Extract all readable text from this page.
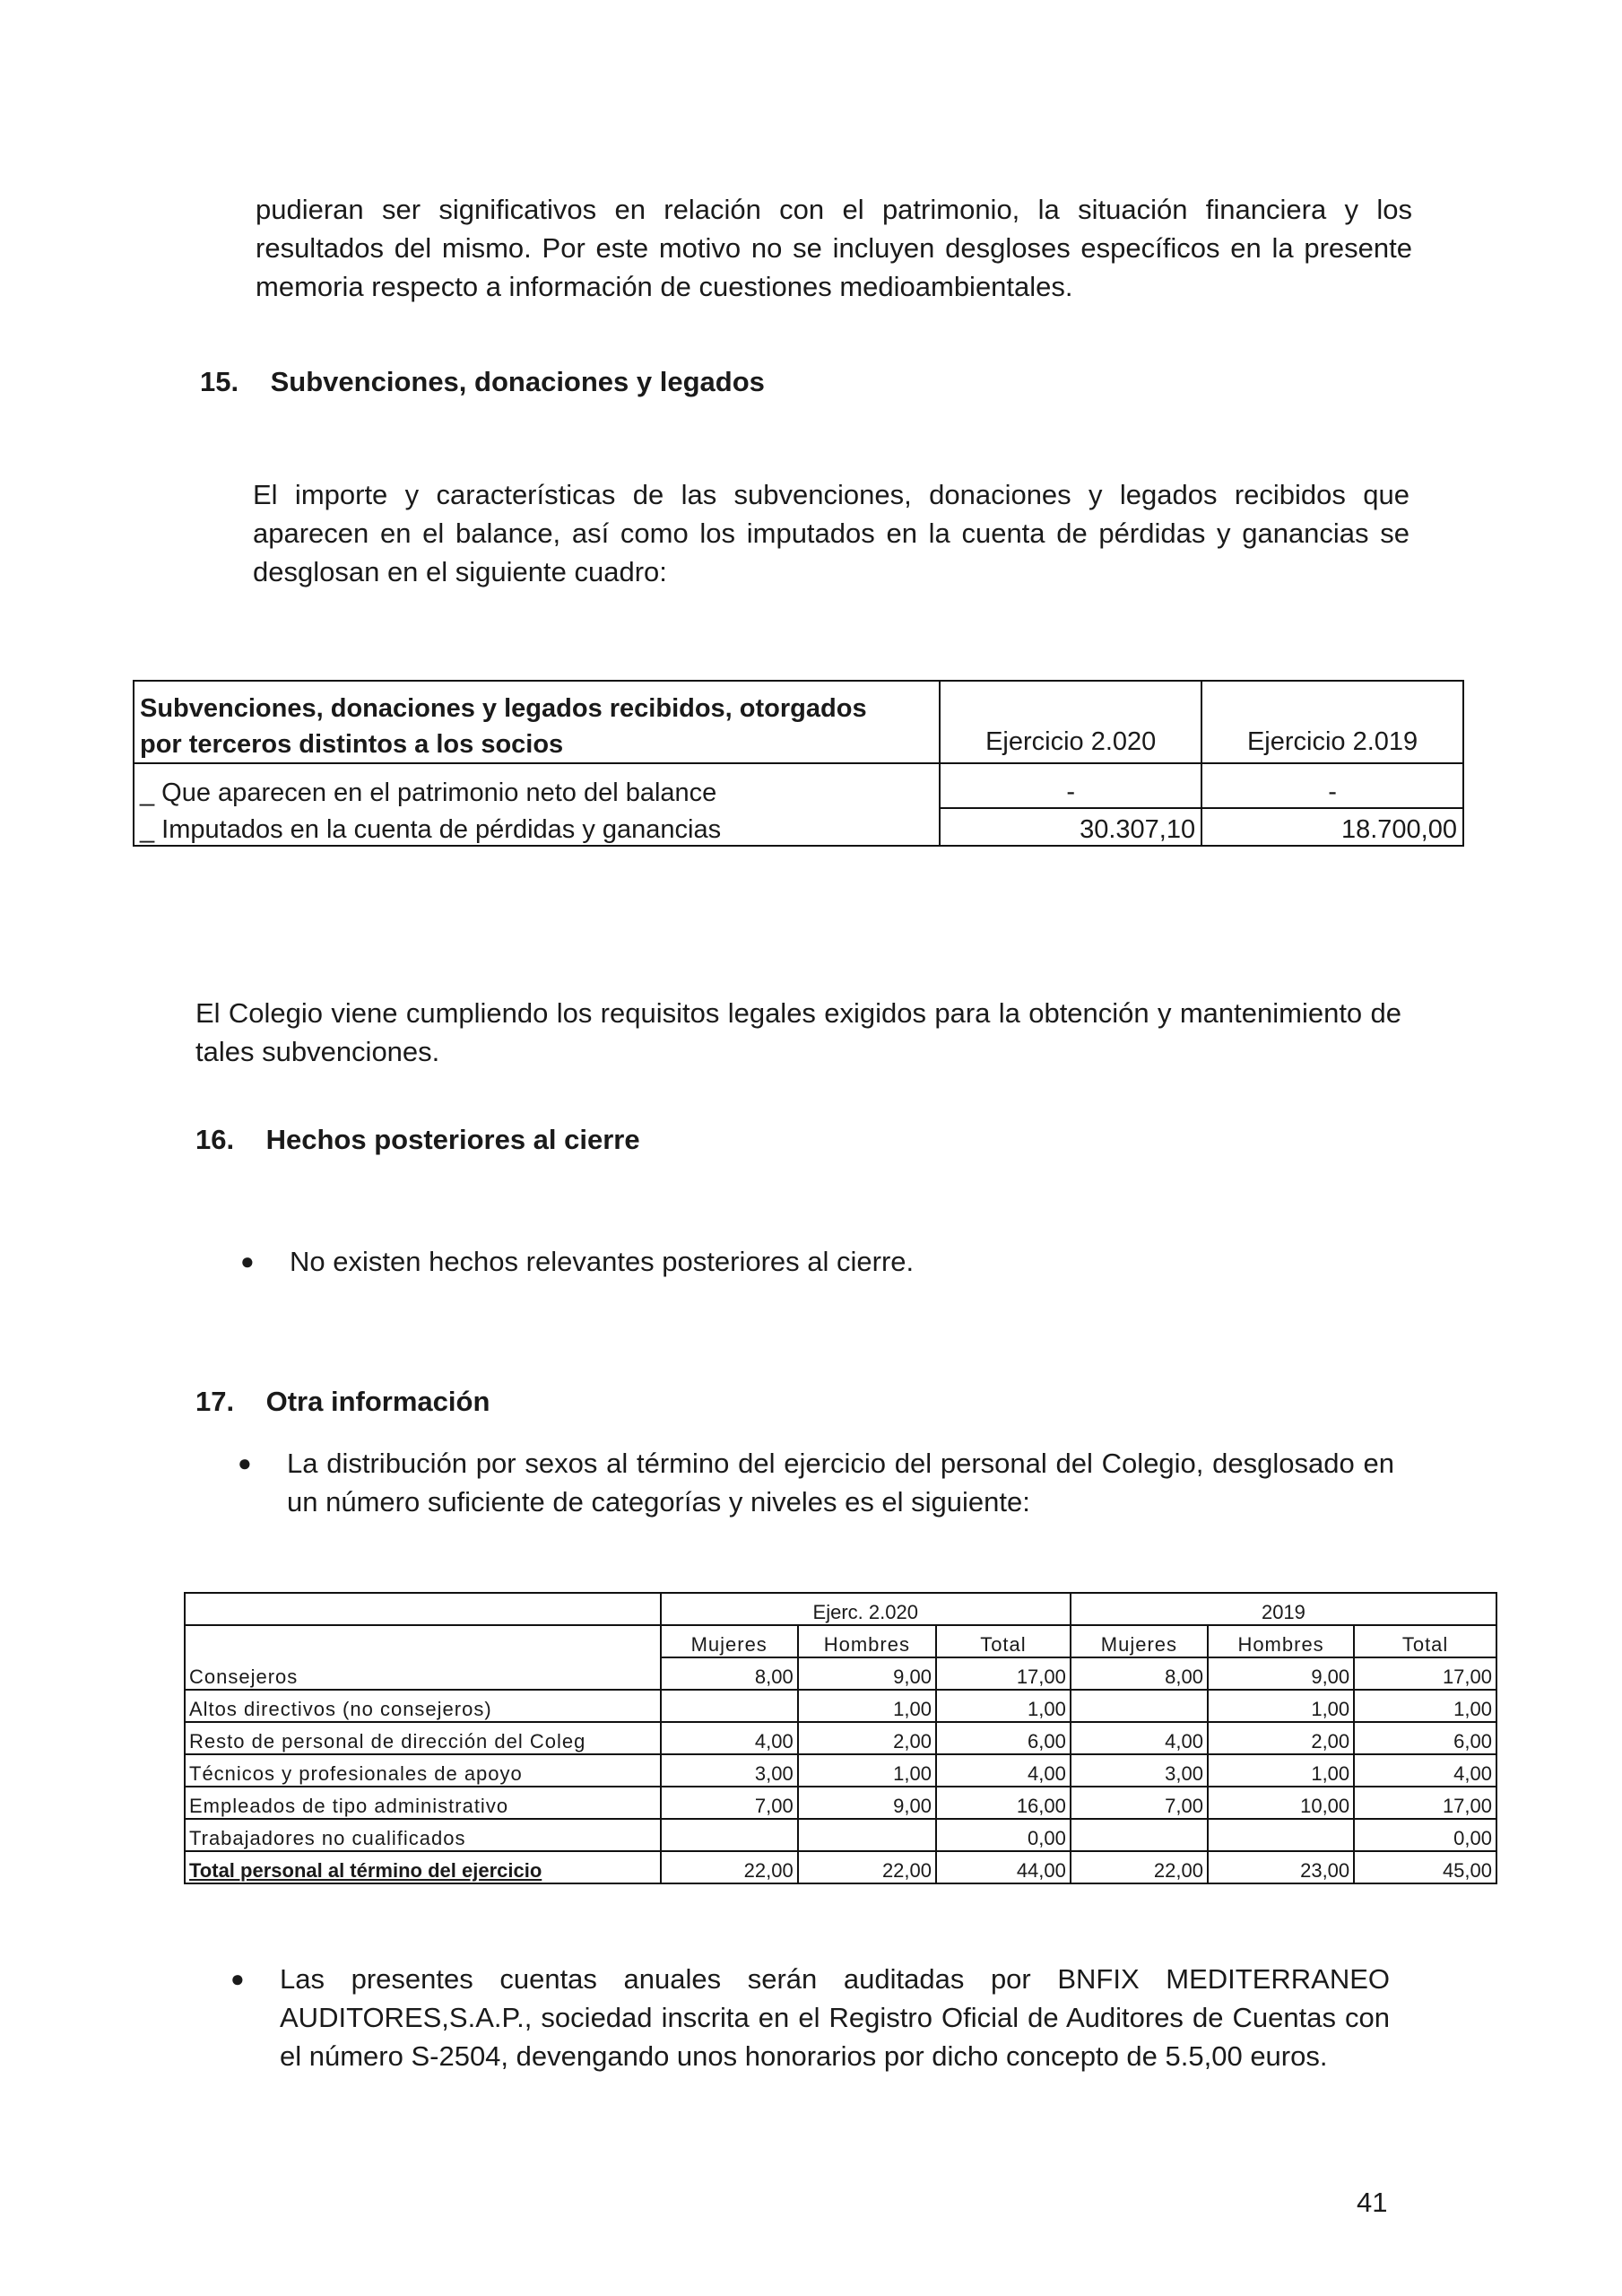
pudieran ser significativos en relación con el patrimonio, la situación financiera y los resultados del mismo. Por este motivo no se incluyen desgloses específicos en la presente memoria respecto a información de cuestiones medioambientales.

15. Subvenciones, donaciones y legados

El importe y características de las subvenciones, donaciones y legados recibidos que aparecen en el balance, así como los imputados en la cuenta de pérdidas y ganancias se desglosan en el siguiente cuadro:

Subvenciones, donaciones y legados recibidos, otorgados
por terceros distintos a los socios	Ejercicio 2.020	Ejercicio 2.019
_ Que aparecen en el patrimonio neto del balance	-	-
_ Imputados en la cuenta de pérdidas y ganancias	30.307,10	18.700,00

El Colegio viene cumpliendo los requisitos legales exigidos para la obtención y mantenimiento de tales subvenciones.

16. Hechos posteriores al cierre

● No existen hechos relevantes posteriores al cierre.

17. Otra información

● La distribución por sexos al término del ejercicio del personal del Colegio, desglosado en un número suficiente de categorías y niveles es el siguiente:

	Ejerc. 2.020			2019		
	Mujeres	Hombres	Total	Mujeres	Hombres	Total
Consejeros	8,00	9,00	17,00	8,00	9,00	17,00
Altos directivos (no consejeros)		1,00	1,00		1,00	1,00
Resto de personal de dirección del Coleg	4,00	2,00	6,00	4,00	2,00	6,00
Técnicos y profesionales de apoyo	3,00	1,00	4,00	3,00	1,00	4,00
Empleados de tipo administrativo	7,00	9,00	16,00	7,00	10,00	17,00
Trabajadores no cualificados			0,00			0,00
Total personal al término del ejercicio	22,00	22,00	44,00	22,00	23,00	45,00

● Las presentes cuentas anuales serán auditadas por BNFIX MEDITERRANEO AUDITORES,S.A.P., sociedad inscrita en el Registro Oficial de Auditores de Cuentas con el número S-2504, devengando unos honorarios por dicho concepto de 5.5,00 euros.

41
